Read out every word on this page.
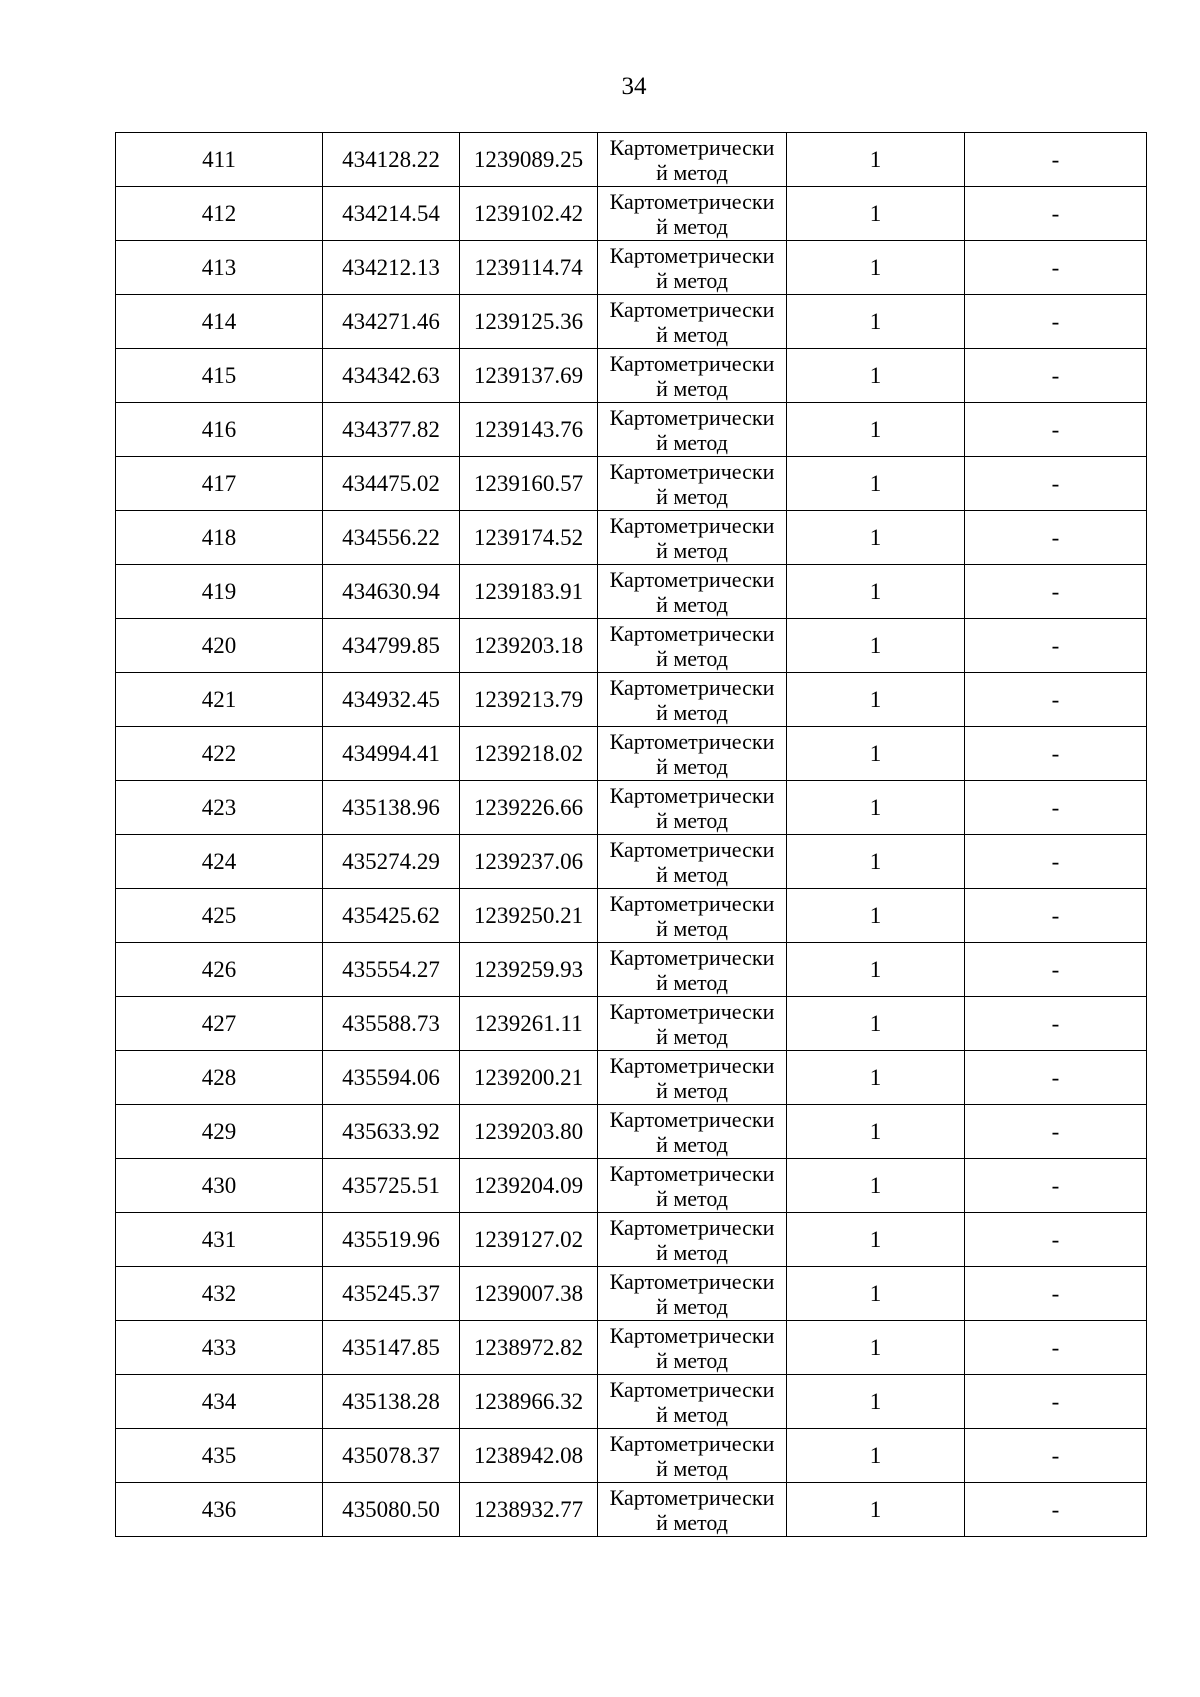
34
411	434128.22	1239089.25	Картометрически
й метод	1	-
412	434214.54	1239102.42	Картометрически
й метод	1	-
413	434212.13	1239114.74	Картометрически
й метод	1	-
414	434271.46	1239125.36	Картометрически
й метод	1	-
415	434342.63	1239137.69	Картометрически
й метод	1	-
416	434377.82	1239143.76	Картометрически
й метод	1	-
417	434475.02	1239160.57	Картометрически
й метод	1	-
418	434556.22	1239174.52	Картометрически
й метод	1	-
419	434630.94	1239183.91	Картометрически
й метод	1	-
420	434799.85	1239203.18	Картометрически
й метод	1	-
421	434932.45	1239213.79	Картометрически
й метод	1	-
422	434994.41	1239218.02	Картометрически
й метод	1	-
423	435138.96	1239226.66	Картометрически
й метод	1	-
424	435274.29	1239237.06	Картометрически
й метод	1	-
425	435425.62	1239250.21	Картометрически
й метод	1	-
426	435554.27	1239259.93	Картометрически
й метод	1	-
427	435588.73	1239261.11	Картометрически
й метод	1	-
428	435594.06	1239200.21	Картометрически
й метод	1	-
429	435633.92	1239203.80	Картометрически
й метод	1	-
430	435725.51	1239204.09	Картометрически
й метод	1	-
431	435519.96	1239127.02	Картометрически
й метод	1	-
432	435245.37	1239007.38	Картометрически
й метод	1	-
433	435147.85	1238972.82	Картометрически
й метод	1	-
434	435138.28	1238966.32	Картометрически
й метод	1	-
435	435078.37	1238942.08	Картометрически
й метод	1	-
436	435080.50	1238932.77	Картометрически
й метод	1	-
